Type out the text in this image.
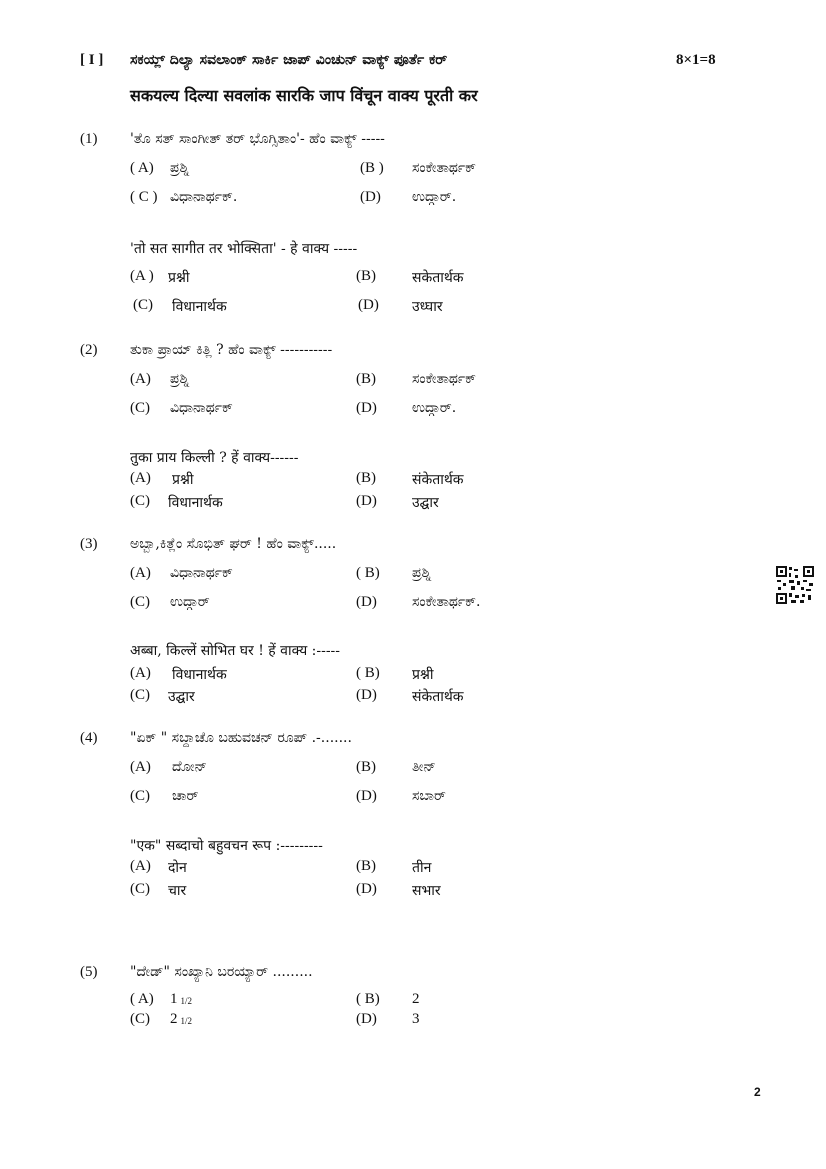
[ I ] ಸಕಯ್ಲ್ ದಿಲ್ಯಾ ಸವಲಾಂಕ್ ಸಾರ್ಕಿ ಜಾಪ್ ವಿಂಚುನ್ ವಾಕ್ಯ್ ಪೂರ್ತೆ ಕರ್	8×1=8
सकयल्य दिल्या सवलांक सारकि जाप विंचून वाक्य पूरती कर
(1) 'ತೊ ಸತ್ ಸಾಂಗೀತ್ ತರ್ ಭೊಗ್ಸಿತಾಂ'- ಹೆಂ ವಾಕ್ಯ್ -----
( A) ಪ್ರಶ್ನಿ	(B ) ಸಂಕೇತಾರ್ಥಕ್
( C ) ವಿಧಾನಾರ್ಥಕ್.	(D) ಉದ್ಗಾರ್.
'तो सत सागीत तर भोक्सिता' - हे वाक्य -----
(A ) प्रश्नी	(B)	सकेतार्थक
(C) विधानार्थक	(D) उध्घार
(2) ತುಕಾ ಪ್ರಾಯ್ ಕಿತ್ಲಿ ? ಹೆಂ ವಾಕ್ಯ್ -----------
(A) ಪ್ರಶ್ನಿ	(B)	ಸಂಕೇತಾರ್ಥಕ್
(C) ವಿಧಾನಾರ್ಥಕ್	(D)	ಉದ್ಗಾರ್.
तुका प्राय किल्ली ? हें वाक्य------
(A) प्रश्नी	(B)	संकेतार्थक
(C) विधानार्थक	(D)	उद्घार
(3) ಅಬ್ಬಾ,ಕಿತ್ಲೆಂ ಸೊಭಿತ್ ಘರ್ ! ಹೆಂ ವಾಕ್ಯ್.....
(A) ವಿಧಾನಾರ್ಥಕ್	( B) ಪ್ರಶ್ನಿ
(C) ಉದ್ಗಾರ್	(D)	ಸಂಕೇತಾರ್ಥಕ್.
अब्बा, किल्लें सोभित घर ! हें वाक्य :-----
(A) विधानार्थक	( B) प्रश्नी
(C) उद्घार	(D)	संकेतार्थक
(4) "ಏಕ್ " ಸಬ್ದಾಚೊ ಬಹುವಚನ್ ರೂಪ್ .-.......
(A) ದೋನ್	(B)	ತೀನ್
(C) ಚಾರ್	(D)	ಸಬಾರ್
"एक" सब्दाचो बहुवचन रूप :---------
(A) दोन	(B)	तीन
(C) चार	(D)	सभार
(5) "ದೇಡ್" ಸಂಖ್ಯಾನಿ ಬರಯ್ಯಾರ್ .........
( A) 1 $_{1/2}$	( B) 2
(C) 2 $_{1/2}$	(D) 3
2
